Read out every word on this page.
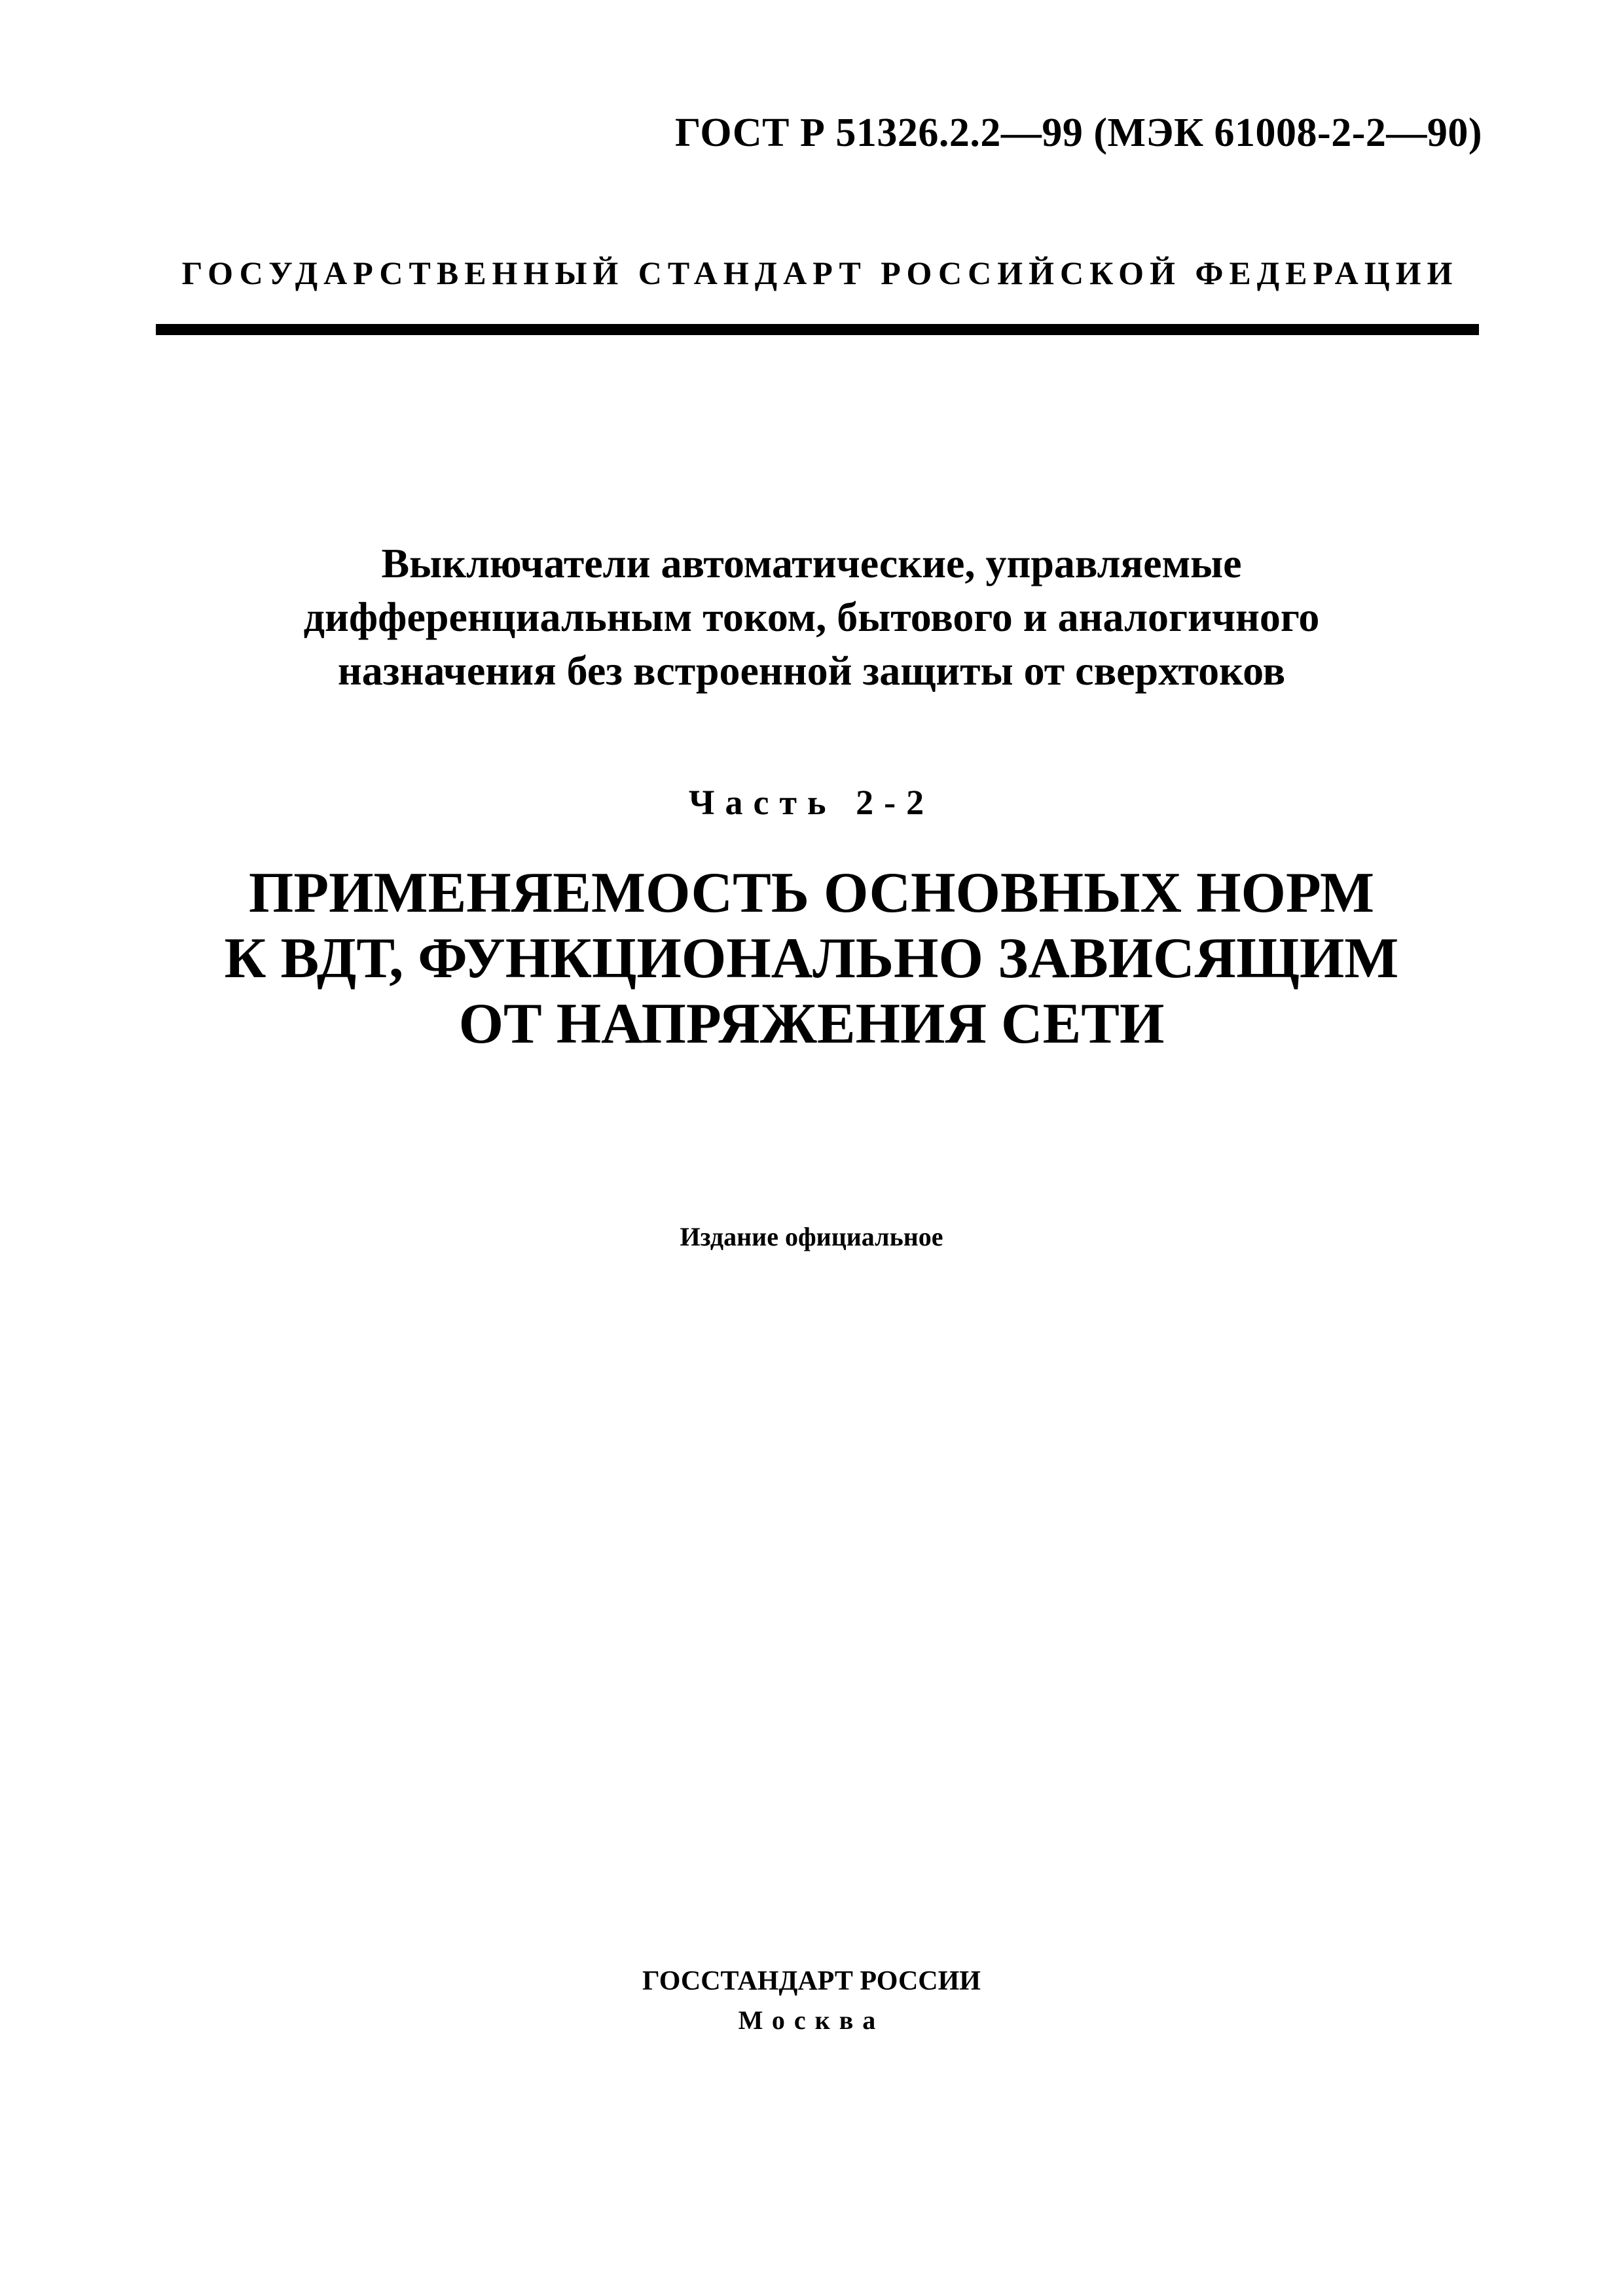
ГОСТ Р 51326.2.2—99 (МЭК 61008-2-2—90)
ГОСУДАРСТВЕННЫЙ СТАНДАРТ РОССИЙСКОЙ ФЕДЕРАЦИИ
Выключатели автоматические, управляемые
дифференциальным током, бытового и аналогичного
назначения без встроенной защиты от сверхтоков
Часть 2-2
ПРИМЕНЯЕМОСТЬ ОСНОВНЫХ НОРМ
К ВДТ, ФУНКЦИОНАЛЬНО ЗАВИСЯЩИМ
ОТ НАПРЯЖЕНИЯ СЕТИ
Издание официальное
ГОССТАНДАРТ РОССИИ
Москва
